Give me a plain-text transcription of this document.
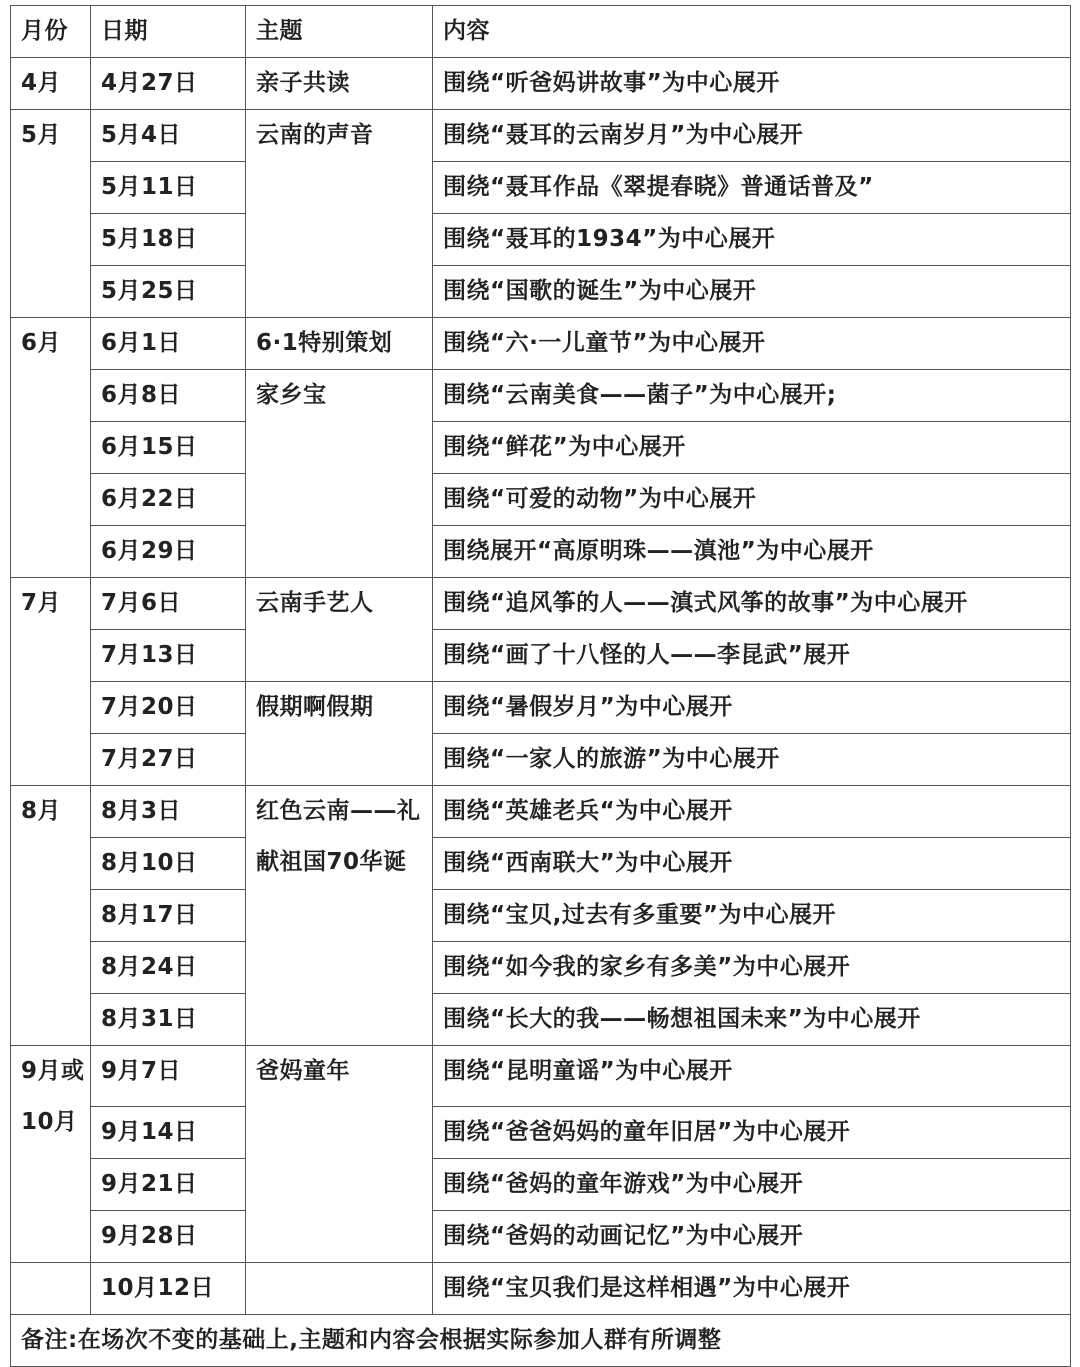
月份	日期	主题	内容
4月	4月27日	亲子共读	围绕“听爸妈讲故事”为中心展开
5月	5月4日	云南的声音	围绕“聂耳的云南岁月”为中心展开
	5月11日		围绕“聂耳作品《翠提春晓》普通话普及”
	5月18日		围绕“聂耳的1934”为中心展开
	5月25日		围绕“国歌的诞生”为中心展开
6月	6月1日	6·1特别策划	围绕“六·一儿童节”为中心展开
	6月8日	家乡宝	围绕“云南美食——菌子”为中心展开;
	6月15日		围绕“鲜花”为中心展开
	6月22日		围绕“可爱的动物”为中心展开
	6月29日		围绕展开“高原明珠——滇池”为中心展开
7月	7月6日	云南手艺人	围绕“追风筝的人——滇式风筝的故事”为中心展开
	7月13日		围绕“画了十八怪的人——李昆武”展开
	7月20日	假期啊假期	围绕“暑假岁月”为中心展开
	7月27日		围绕“一家人的旅游”为中心展开
8月	8月3日	红色云南——礼献祖国70华诞	围绕“英雄老兵“为中心展开
	8月10日		围绕“西南联大”为中心展开
	8月17日		围绕“宝贝,过去有多重要”为中心展开
	8月24日		围绕“如今我的家乡有多美”为中心展开
	8月31日		围绕“长大的我——畅想祖国未来”为中心展开
9月或10月	9月7日	爸妈童年	围绕“昆明童谣”为中心展开
	9月14日		围绕“爸爸妈妈的童年旧居”为中心展开
	9月21日		围绕“爸妈的童年游戏”为中心展开
	9月28日		围绕“爸妈的动画记忆”为中心展开
	10月12日		围绕“宝贝我们是这样相遇”为中心展开
备注:在场次不变的基础上,主题和内容会根据实际参加人群有所调整			
